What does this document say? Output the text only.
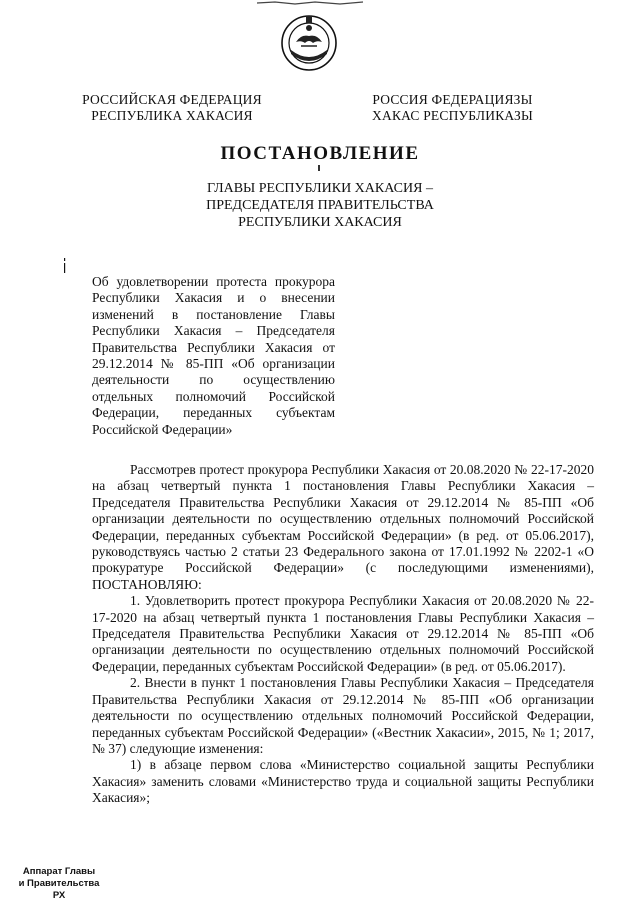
РОССИЙСКАЯ ФЕДЕРАЦИЯ
РЕСПУБЛИКА ХАКАСИЯ
РОССИЯ ФЕДЕРАЦИЯЗЫ
ХАКАС РЕСПУБЛИКАЗЫ
ПОСТАНОВЛЕНИЕ
ГЛАВЫ РЕСПУБЛИКИ ХАКАСИЯ –
ПРЕДСЕДАТЕЛЯ ПРАВИТЕЛЬСТВА
РЕСПУБЛИКИ ХАКАСИЯ
Об удовлетворении протеста прокурора Республики Хакасия и о внесении изменений в постановление Главы Республики Хакасия – Председателя Правительства Республики Хакасия от 29.12.2014 № 85-ПП «Об организации деятельности по осуществлению отдельных полномочий Российской Федерации, переданных субъектам Российской Федерации»

Рассмотрев протест прокурора Республики Хакасия от 20.08.2020 № 22-17-2020 на абзац четвертый пункта 1 постановления Главы Республики Хакасия – Председателя Правительства Республики Хакасия от 29.12.2014 № 85-ПП «Об организации деятельности по осуществлению отдельных полномочий Российской Федерации, переданных субъектам Российской Федерации» (в ред. от 05.06.2017), руководствуясь частью 2 статьи 23 Федерального закона от 17.01.1992 № 2202-1 «О прокуратуре Российской Федерации» (с последующими изменениями), ПОСТАНОВЛЯЮ:

1. Удовлетворить протест прокурора Республики Хакасия от 20.08.2020 № 22-17-2020 на абзац четвертый пункта 1 постановления Главы Республики Хакасия – Председателя Правительства Республики Хакасия от 29.12.2014 № 85-ПП «Об организации деятельности по осуществлению отдельных полномочий Российской Федерации, переданных субъектам Российской Федерации» (в ред. от 05.06.2017).

2. Внести в пункт 1 постановления Главы Республики Хакасия – Председателя Правительства Республики Хакасия от 29.12.2014 № 85-ПП «Об организации деятельности по осуществлению отдельных полномочий Российской Федерации, переданных субъектам Российской Федерации» («Вестник Хакасии», 2015, № 1; 2017, № 37) следующие изменения:

1) в абзаце первом слова «Министерство социальной защиты Республики Хакасия» заменить словами «Министерство труда и социальной защиты Республики Хакасия»;

Аппарат Главы
и Правительства РХ
